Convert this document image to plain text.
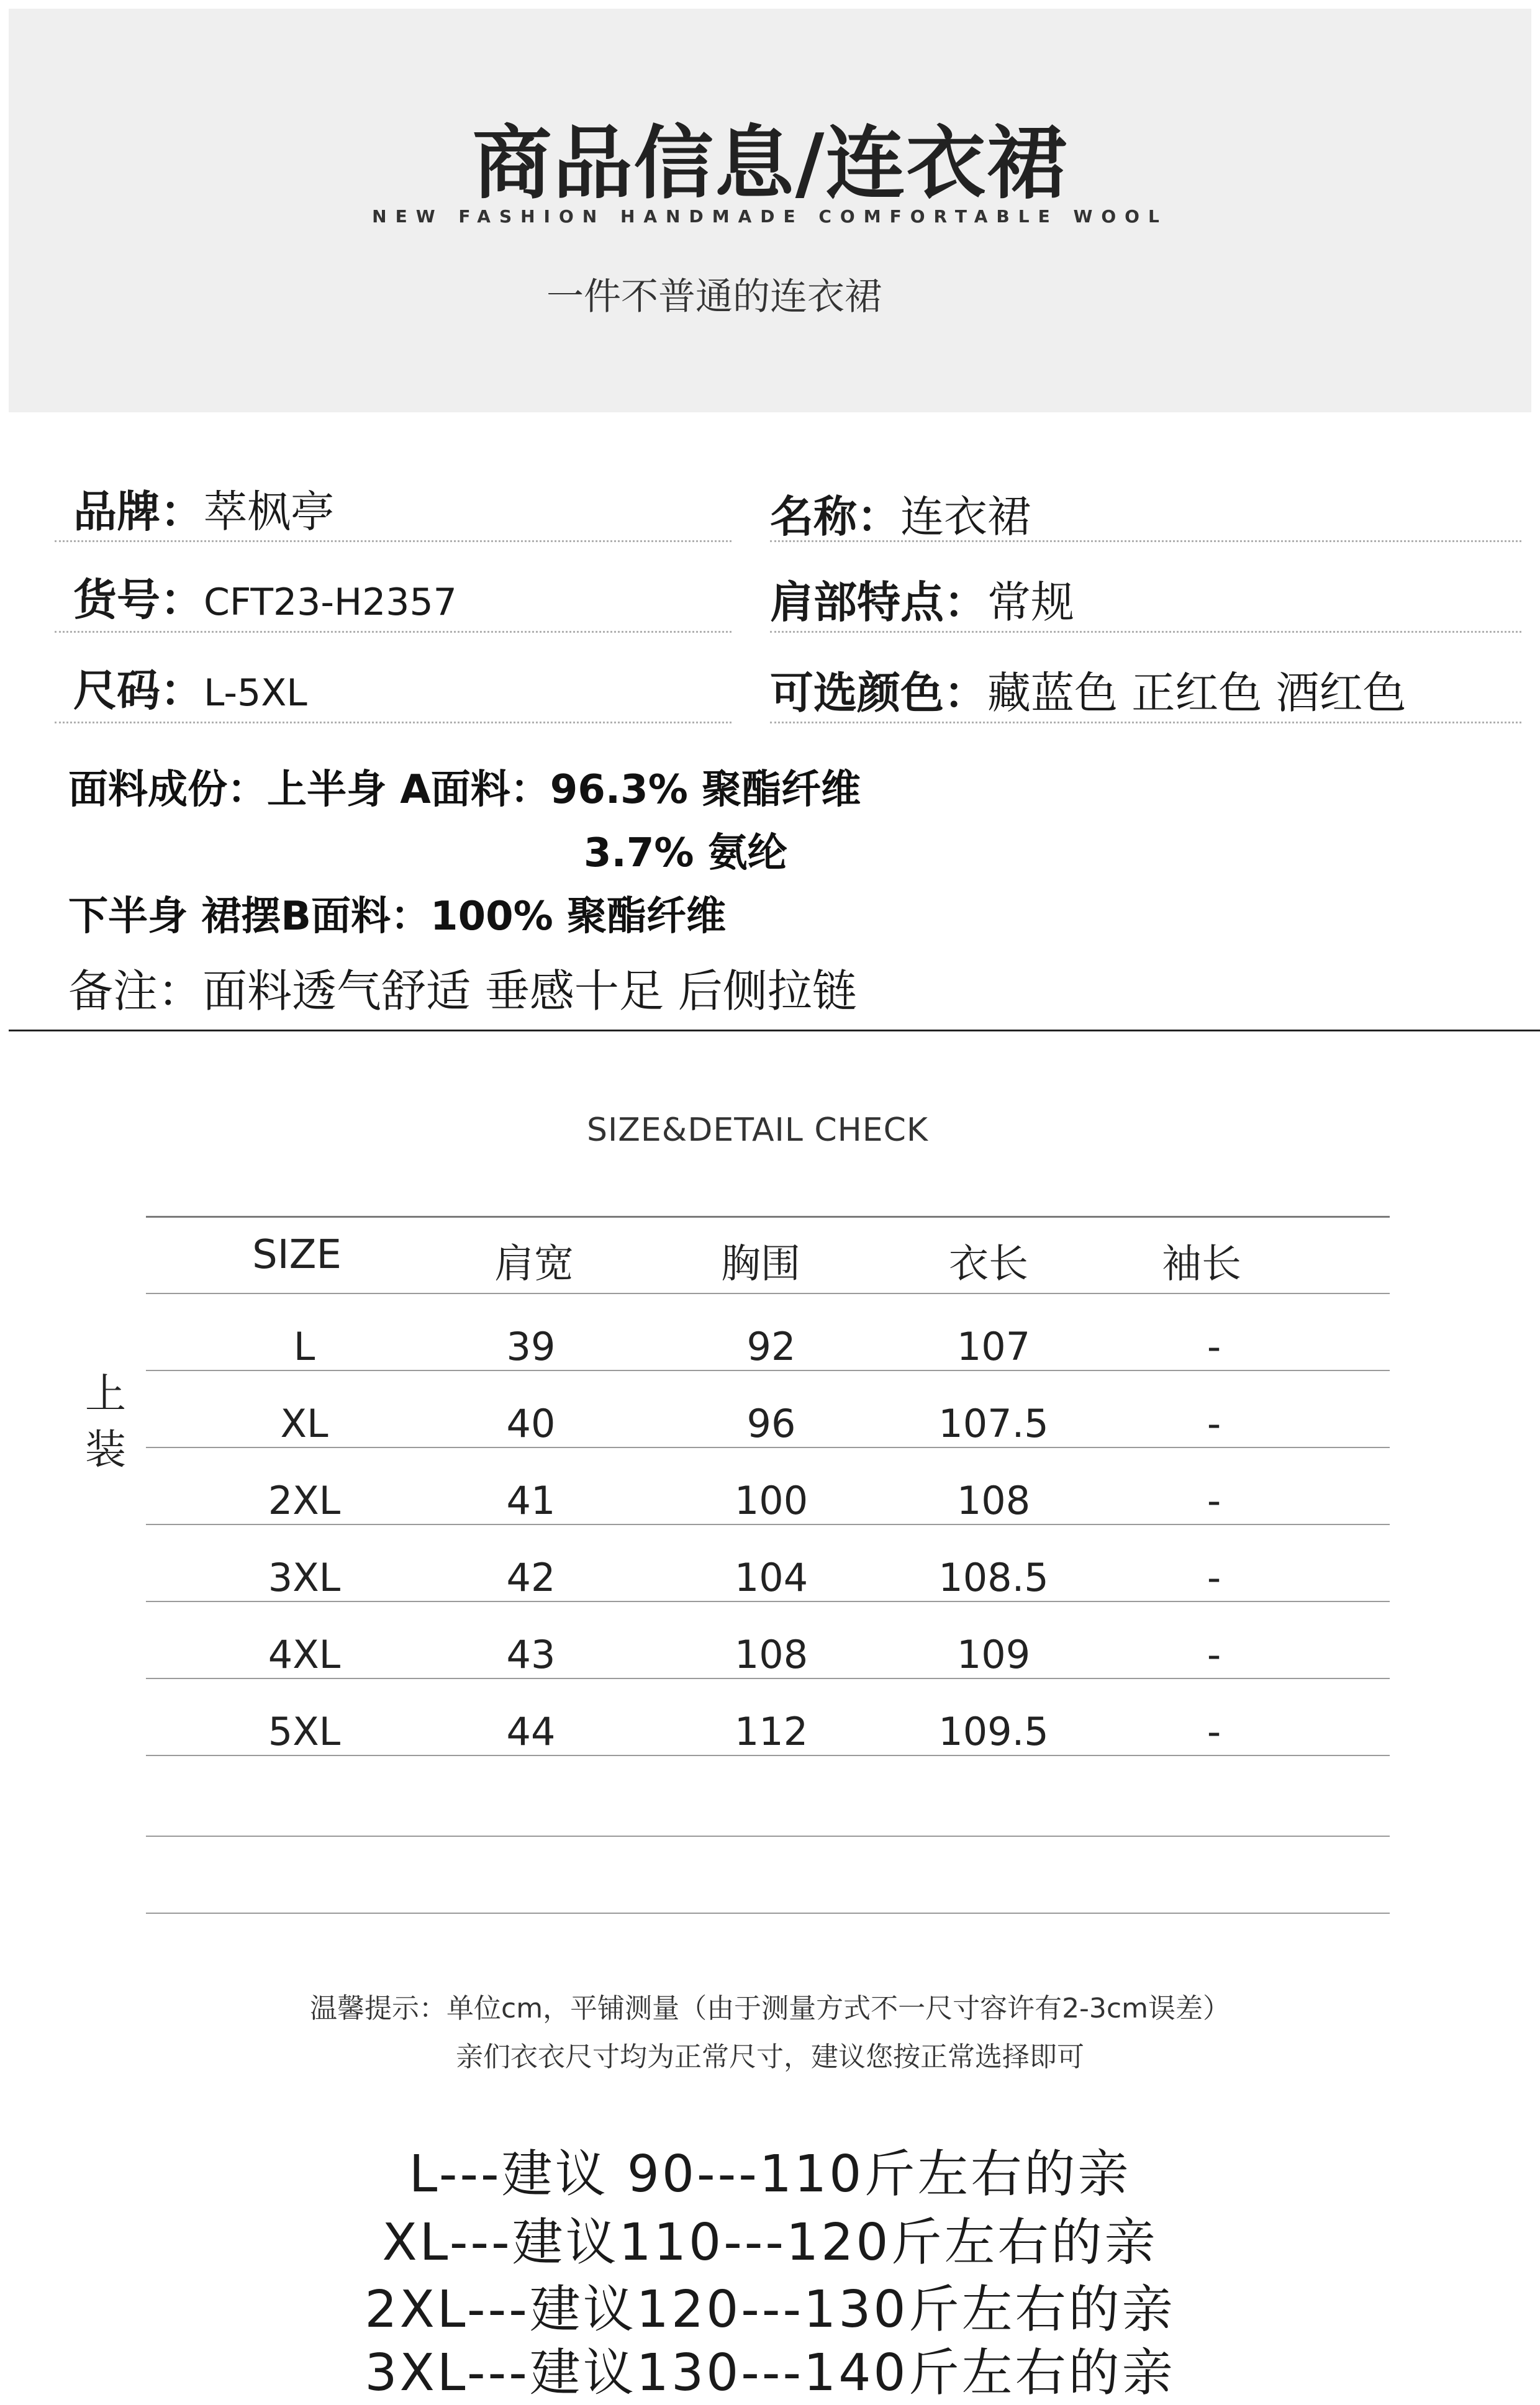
商品信息/连衣裙
NEW FASHION HANDMADE COMFORTABLE WOOL
一件不普通的连衣裙
品牌：萃枫亭	名称：连衣裙
货号：CFT23-H2357	肩部特点：常规
尺码：L-5XL	可选颜色：藏蓝色 正红色 酒红色
面料成份：上半身 A面料：96.3% 聚酯纤维
3.7% 氨纶
下半身 裙摆B面料：100% 聚酯纤维
备注：面料透气舒适 垂感十足 后侧拉链
SIZE&DETAIL CHECK
上
装
SIZE	肩宽	胸围	衣长	袖长
L	39	92	107	-
XL	40	96	107.5	-
2XL	41	100	108	-
3XL	42	104	108.5	-
4XL	43	108	109	-
5XL	44	112	109.5	-
温馨提示：单位cm，平铺测量（由于测量方式不一尺寸容许有2-3cm误差）
亲们衣衣尺寸均为正常尺寸，建议您按正常选择即可
L---建议 90---110斤左右的亲
XL---建议110---120斤左右的亲
2XL---建议120---130斤左右的亲
3XL---建议130---140斤左右的亲
